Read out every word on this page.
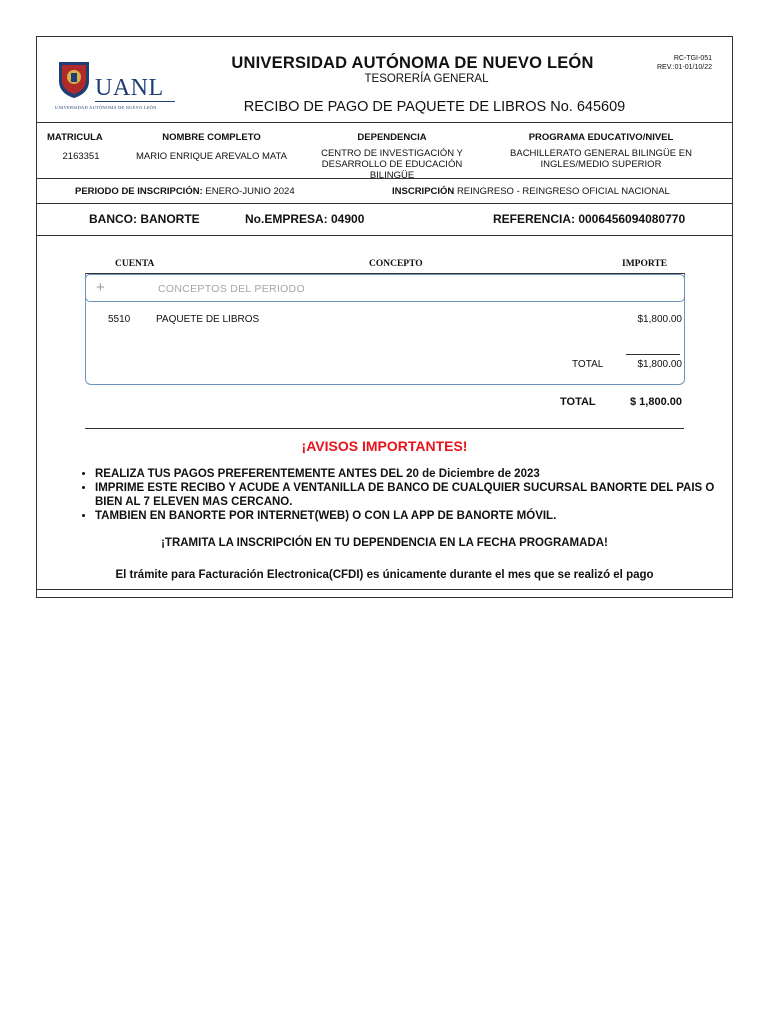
UANL
UNIVERSIDAD AUTÓNOMA DE NUEVO LEÓN
UNIVERSIDAD AUTÓNOMA DE NUEVO LEÓN
TESORERÍA GENERAL
RECIBO DE PAGO DE PAQUETE DE LIBROS No. 645609
RC-TGI-051
REV.:01-01/10/22
MATRICULA
2163351
NOMBRE COMPLETO
MARIO ENRIQUE AREVALO MATA
DEPENDENCIA
CENTRO DE INVESTIGACIÓN Y DESARROLLO DE EDUCACIÓN BILINGÜE
PROGRAMA EDUCATIVO/NIVEL
BACHILLERATO GENERAL BILINGÜE EN INGLES/MEDIO SUPERIOR
PERIODO DE INSCRIPCIÓN: ENERO-JUNIO 2024	INSCRIPCIÓN REINGRESO - REINGRESO OFICIAL NACIONAL
BANCO: BANORTE	No.EMPRESA: 04900	REFERENCIA: 0006456094080770
CUENTA	CONCEPTO	IMPORTE
5510	PAQUETE DE LIBROS	$1,800.00
TOTAL	$1,800.00
+	CONCEPTOS DEL PERIODO
TOTAL	$ 1,800.00
¡AVISOS IMPORTANTES!
• REALIZA TUS PAGOS PREFERENTEMENTE ANTES DEL 20 de Diciembre de 2023
• IMPRIME ESTE RECIBO Y ACUDE A VENTANILLA DE BANCO DE CUALQUIER SUCURSAL BANORTE DEL PAIS O BIEN AL 7 ELEVEN MAS CERCANO.
• TAMBIEN EN BANORTE POR INTERNET(WEB) O CON LA APP DE BANORTE MÓVIL.
¡TRAMITA LA INSCRIPCIÓN EN TU DEPENDENCIA EN LA FECHA PROGRAMADA!
El trámite para Facturación Electronica(CFDI) es únicamente durante el mes que se realizó el pago
